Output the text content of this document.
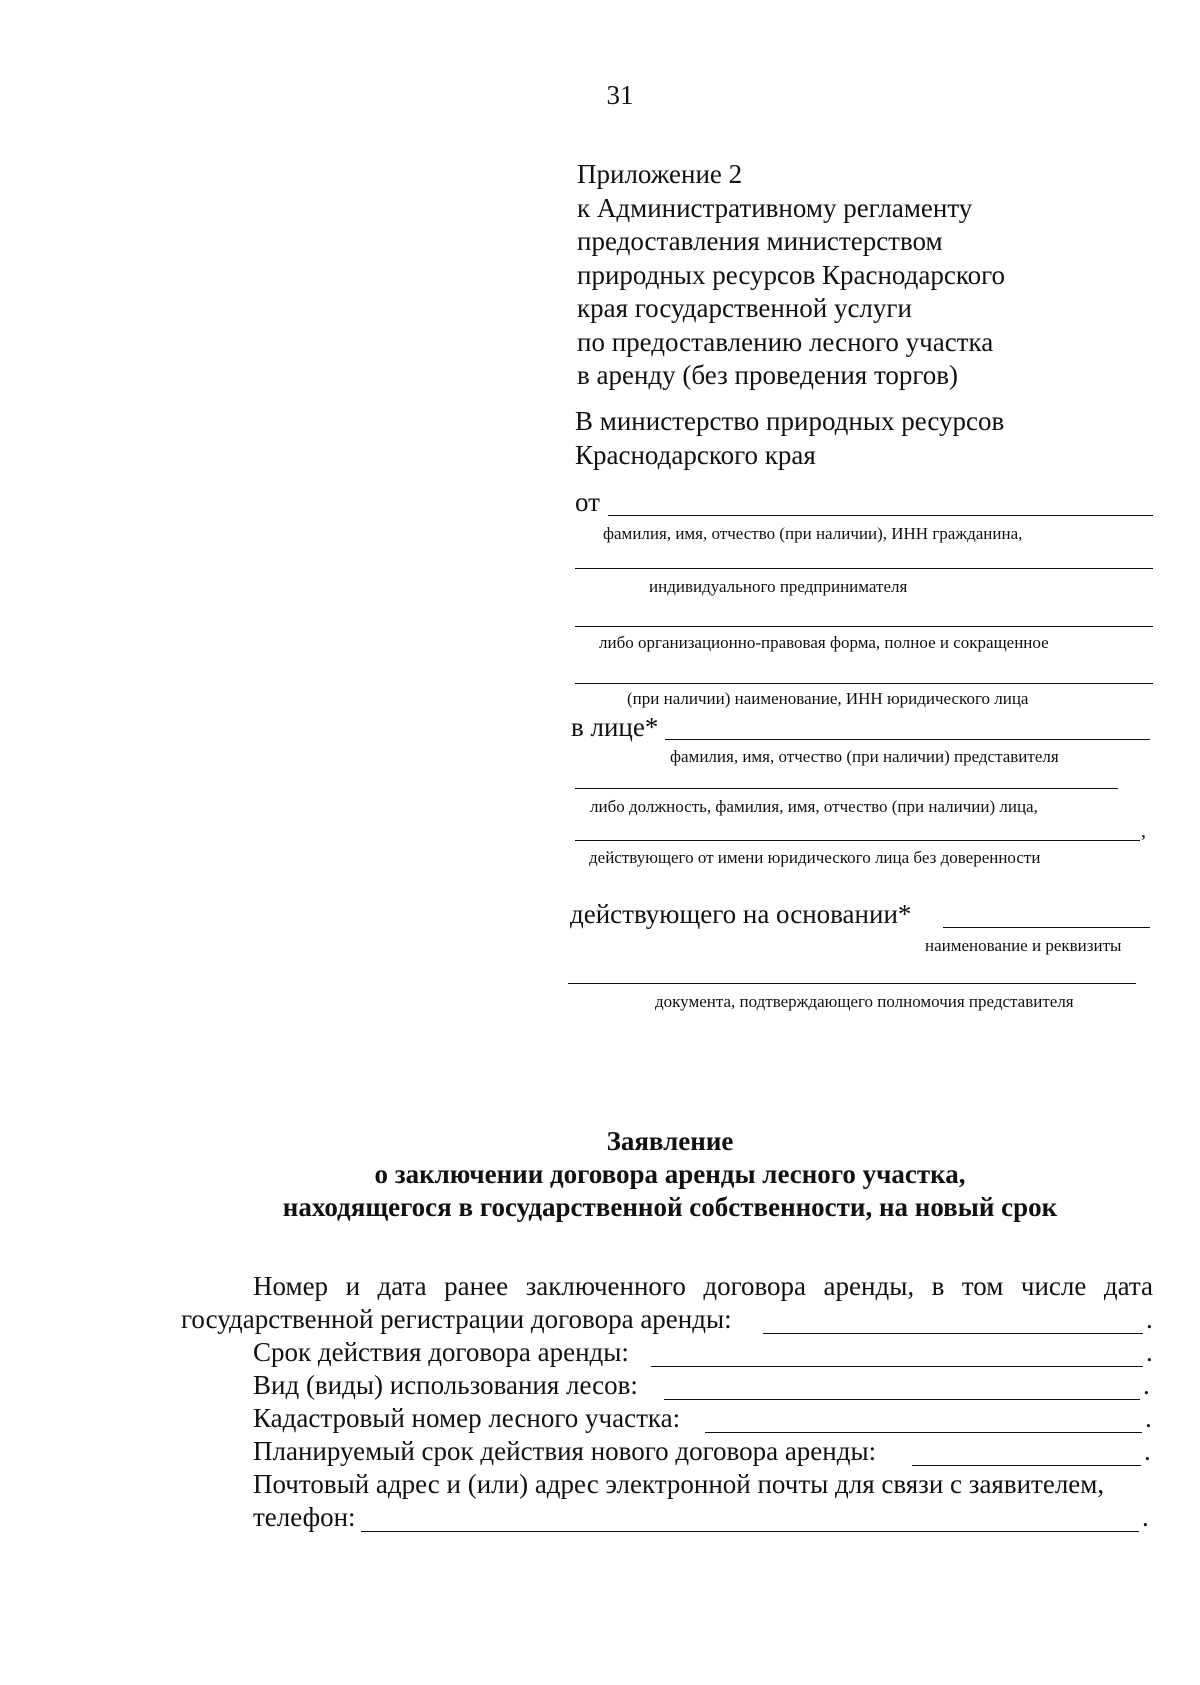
31
Приложение 2
к Административному регламенту
предоставления министерством
природных ресурсов Краснодарского
края государственной услуги
по предоставлению лесного участка
в аренду (без проведения торгов)
В министерство природных ресурсов
Краснодарского края
от
фамилия, имя, отчество (при наличии), ИНН гражданина,
индивидуального предпринимателя
либо организационно-правовая форма, полное и сокращенное
(при наличии) наименование, ИНН юридического лица
в лице*
фамилия, имя, отчество (при наличии) представителя
либо должность, фамилия, имя, отчество (при наличии) лица,
,
действующего от имени юридического лица без доверенности
действующего на основании*
наименование и реквизиты
документа, подтверждающего полномочия представителя
Заявление
о заключении договора аренды лесного участка,
находящегося в государственной собственности, на новый срок
Номер и дата ранее заключенного договора аренды, в том числе дата
государственной регистрации договора аренды:	.
Срок действия договора аренды:	.
Вид (виды) использования лесов:	.
Кадастровый номер лесного участка:	.
Планируемый срок действия нового договора аренды:	.
Почтовый адрес и (или) адрес электронной почты для связи с заявителем,
телефон:	.
